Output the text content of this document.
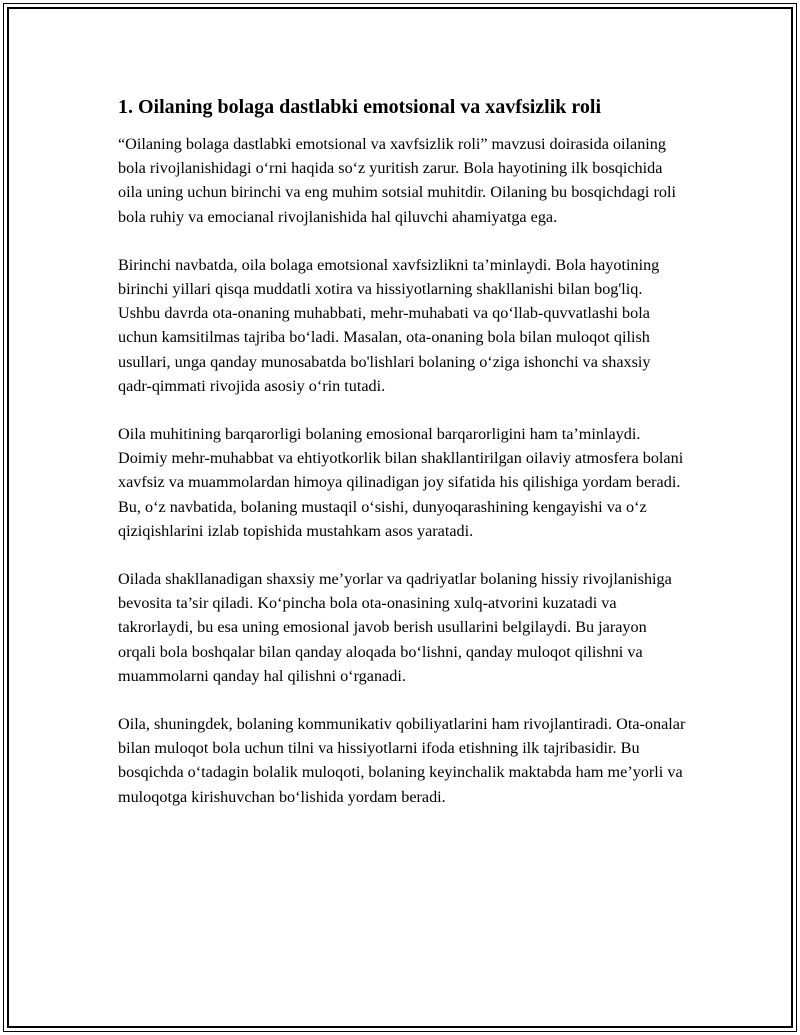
1. Oilaning bolaga dastlabki emotsional va xavfsizlik roli

“Oilaning bolaga dastlabki emotsional va xavfsizlik roli” mavzusi doirasida oilaning bola rivojlanishidagi o‘rni haqida so‘z yuritish zarur. Bola hayotining ilk bosqichida oila uning uchun birinchi va eng muhim sotsial muhitdir. Oilaning bu bosqichdagi roli bola ruhiy va emocianal rivojlanishida hal qiluvchi ahamiyatga ega.

Birinchi navbatda, oila bolaga emotsional xavfsizlikni ta’minlaydi. Bola hayotining birinchi yillari qisqa muddatli xotira va hissiyotlarning shakllanishi bilan bog'liq. Ushbu davrda ota-onaning muhabbati, mehr-muhabati va qo‘llab-quvvatlashi bola uchun kamsitilmas tajriba bo‘ladi. Masalan, ota-onaning bola bilan muloqot qilish usullari, unga qanday munosabatda bo'lishlari bolaning o‘ziga ishonchi va shaxsiy qadr-qimmati rivojida asosiy o‘rin tutadi.

Oila muhitining barqarorligi bolaning emosional barqarorligini ham ta’minlaydi. Doimiy mehr-muhabbat va ehtiyotkorlik bilan shakllantirilgan oilaviy atmosfera bolani xavfsiz va muammolardan himoya qilinadigan joy sifatida his qilishiga yordam beradi. Bu, o‘z navbatida, bolaning mustaqil o‘sishi, dunyoqarashining kengayishi va o‘z qiziqishlarini izlab topishida mustahkam asos yaratadi.

Oilada shakllanadigan shaxsiy me’yorlar va qadriyatlar bolaning hissiy rivojlanishiga bevosita ta’sir qiladi. Ko‘pincha bola ota-onasining xulq-atvorini kuzatadi va takrorlaydi, bu esa uning emosional javob berish usullarini belgilaydi. Bu jarayon orqali bola boshqalar bilan qanday aloqada bo‘lishni, qanday muloqot qilishni va muammolarni qanday hal qilishni o‘rganadi.

Oila, shuningdek, bolaning kommunikativ qobiliyatlarini ham rivojlantiradi. Ota-onalar bilan muloqot bola uchun tilni va hissiyotlarni ifoda etishning ilk tajribasidir. Bu bosqichda o‘tadagin bolalik muloqoti, bolaning keyinchalik maktabda ham me’yorli va muloqotga kirishuvchan bo‘lishida yordam beradi.
